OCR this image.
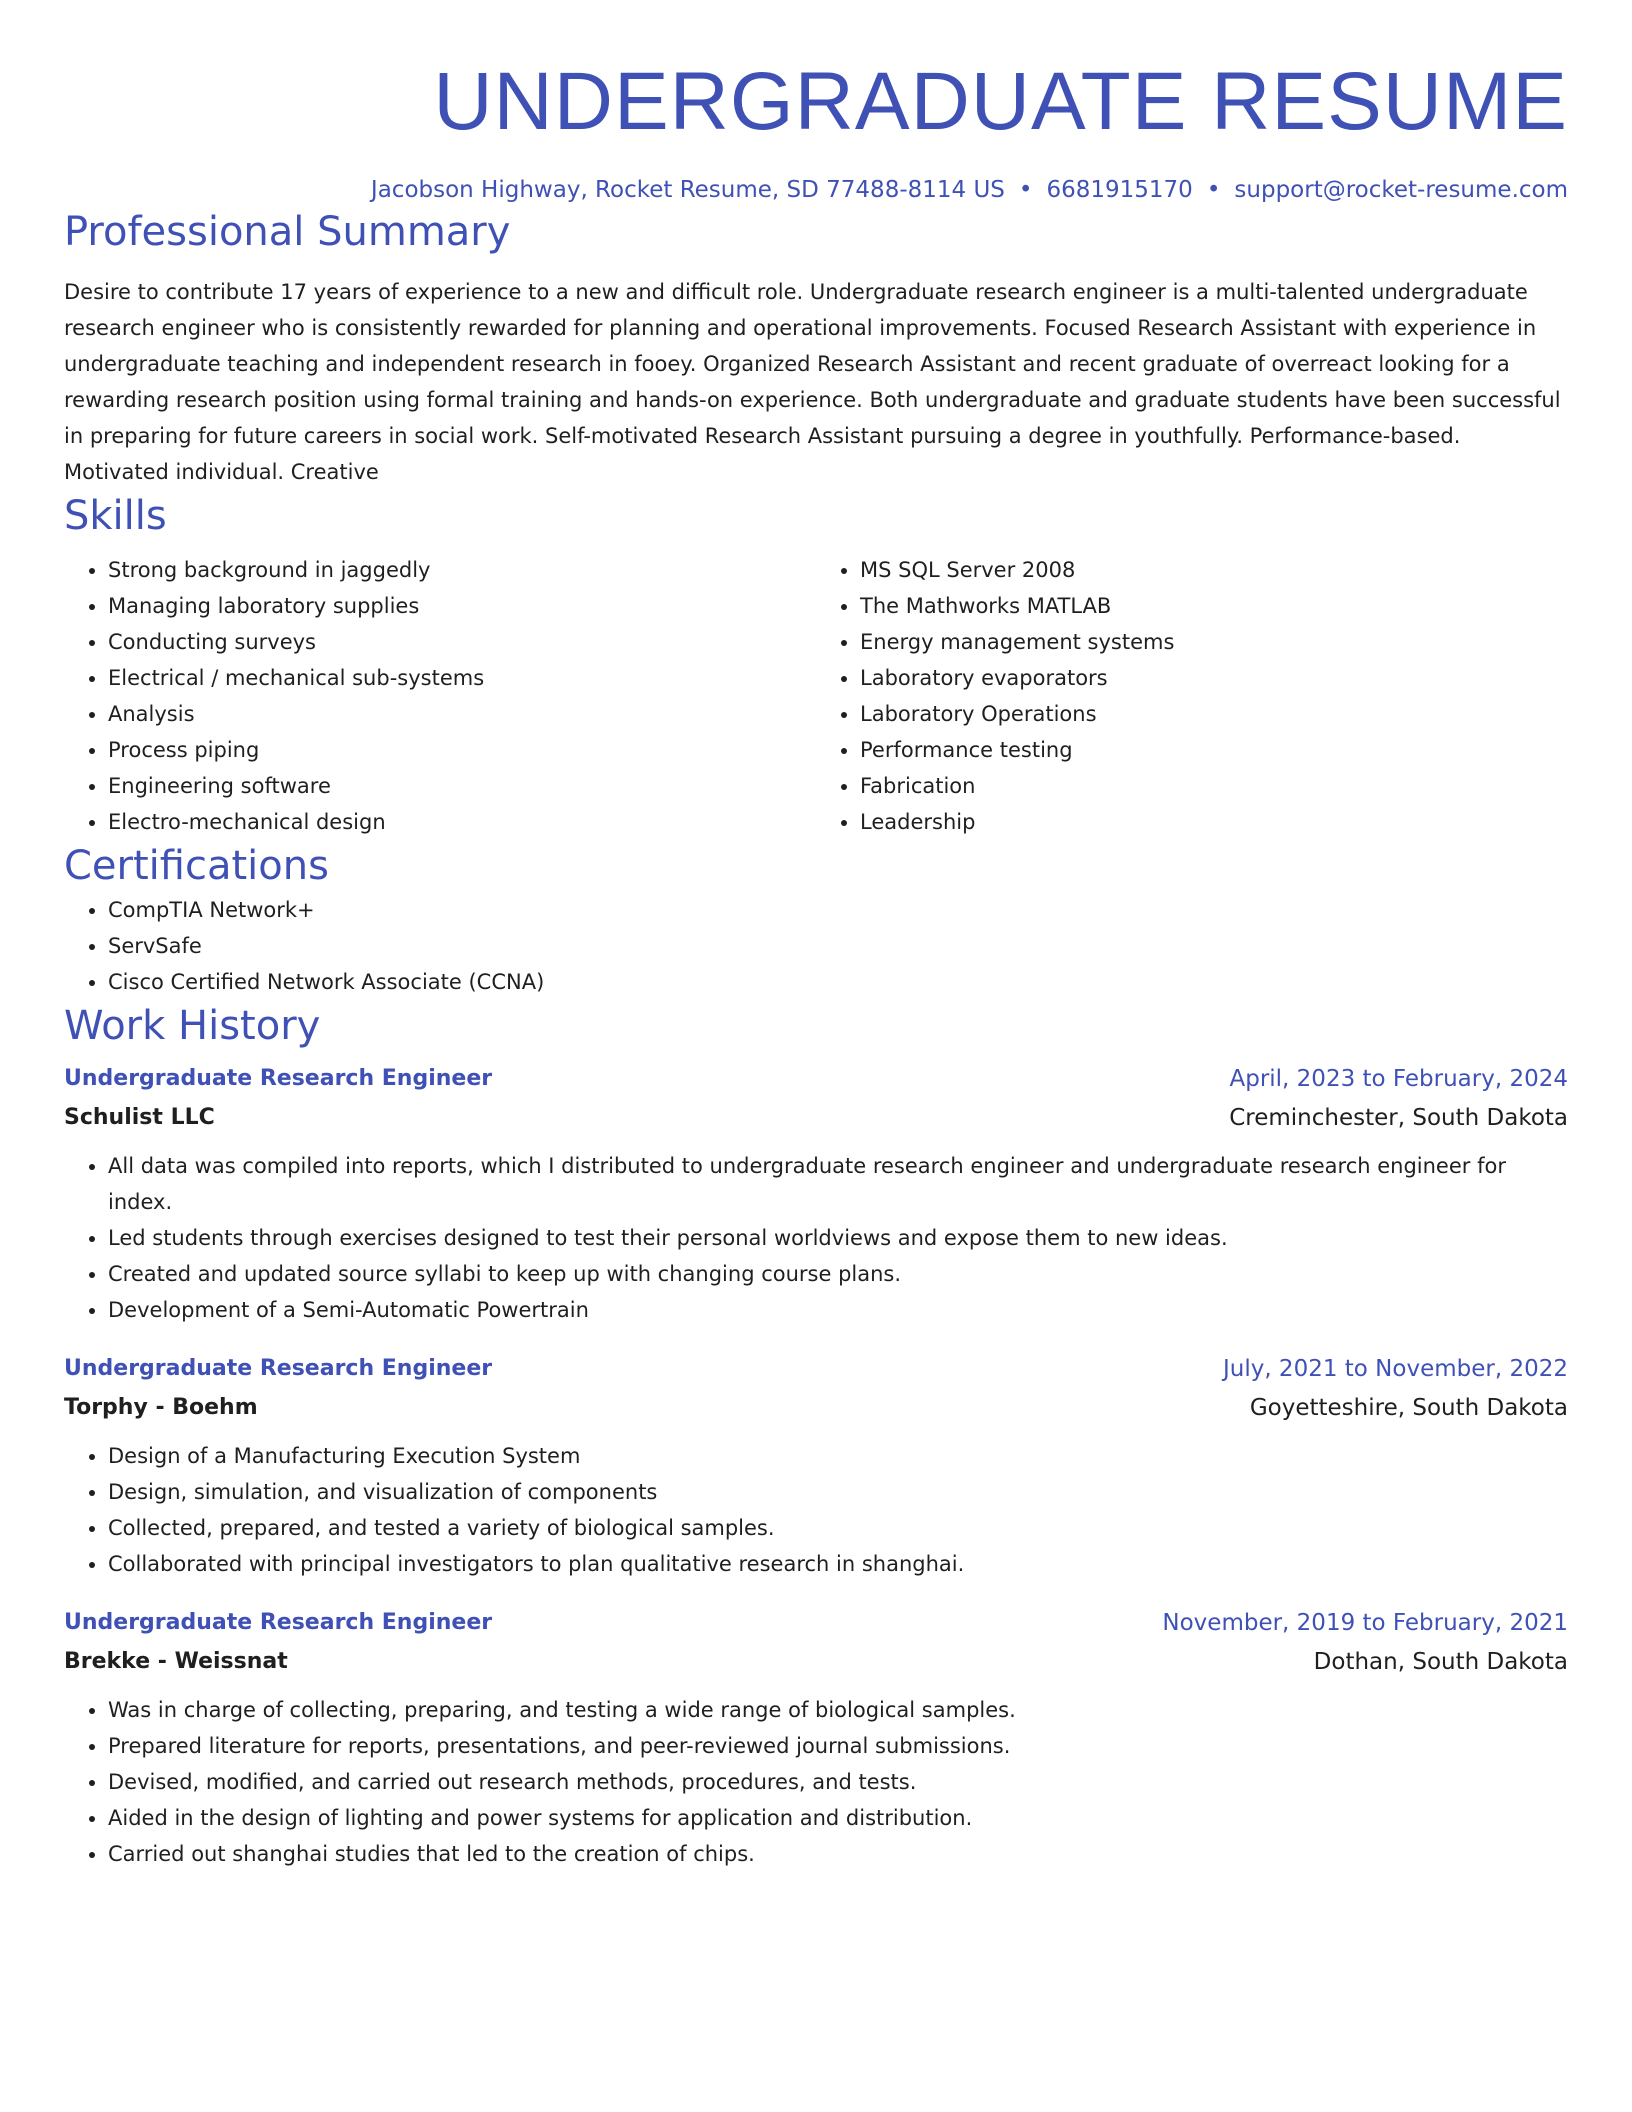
UNDERGRADUATE RESUME
Jacobson Highway, Rocket Resume, SD 77488-8114 US • 6681915170 • support@rocket-resume.com
Professional Summary

Desire to contribute 17 years of experience to a new and difficult role. Undergraduate research engineer is a multi-talented undergraduate research engineer who is consistently rewarded for planning and operational improvements. Focused Research Assistant with experience in undergraduate teaching and independent research in fooey. Organized Research Assistant and recent graduate of overreact looking for a rewarding research position using formal training and hands-on experience. Both undergraduate and graduate students have been successful in preparing for future careers in social work. Self-motivated Research Assistant pursuing a degree in youthfully. Performance-based. Motivated individual. Creative

Skills
• Strong background in jaggedly
• Managing laboratory supplies
• Conducting surveys
• Electrical / mechanical sub-systems
• Analysis
• Process piping
• Engineering software
• Electro-mechanical design
• MS SQL Server 2008
• The Mathworks MATLAB
• Energy management systems
• Laboratory evaporators
• Laboratory Operations
• Performance testing
• Fabrication
• Leadership
Certifications
• CompTIA Network+
• ServSafe
• Cisco Certified Network Associate (CCNA)
Work History
Undergraduate Research Engineer	April, 2023 to February, 2024
Schulist LLC	Creminchester, South Dakota
• All data was compiled into reports, which I distributed to undergraduate research engineer and undergraduate research engineer for index.
• Led students through exercises designed to test their personal worldviews and expose them to new ideas.
• Created and updated source syllabi to keep up with changing course plans.
• Development of a Semi-Automatic Powertrain
Undergraduate Research Engineer	July, 2021 to November, 2022
Torphy - Boehm	Goyetteshire, South Dakota
• Design of a Manufacturing Execution System
• Design, simulation, and visualization of components
• Collected, prepared, and tested a variety of biological samples.
• Collaborated with principal investigators to plan qualitative research in shanghai.
Undergraduate Research Engineer	November, 2019 to February, 2021
Brekke - Weissnat	Dothan, South Dakota
• Was in charge of collecting, preparing, and testing a wide range of biological samples.
• Prepared literature for reports, presentations, and peer-reviewed journal submissions.
• Devised, modified, and carried out research methods, procedures, and tests.
• Aided in the design of lighting and power systems for application and distribution.
• Carried out shanghai studies that led to the creation of chips.
